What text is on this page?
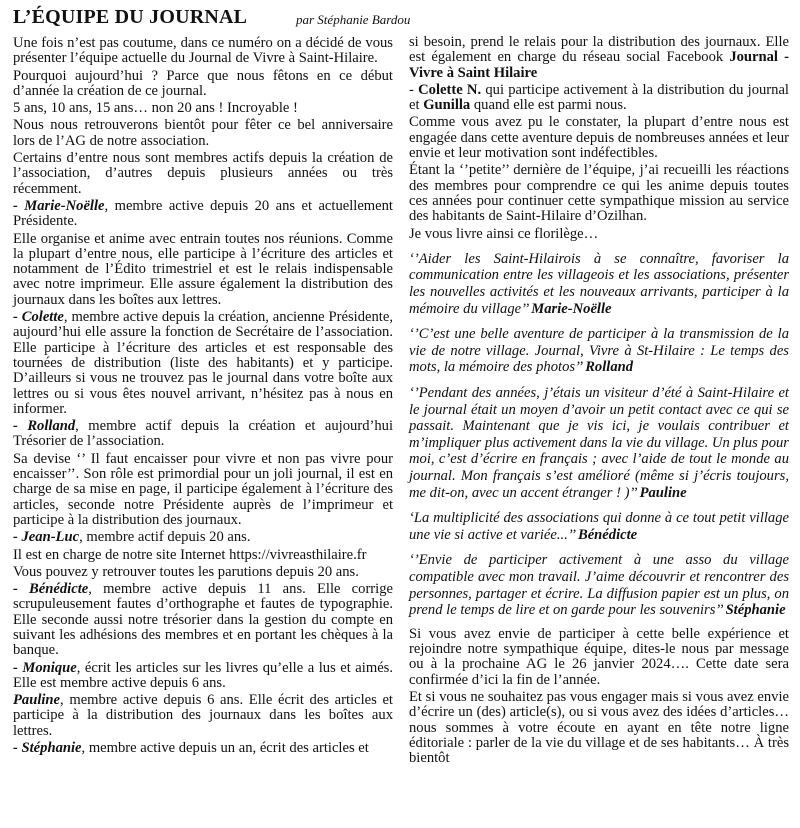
L’ÉQUIPE DU JOURNAL	par Stéphanie Bardou

Une fois n’est pas coutume, dans ce numéro on a décidé de vous présenter l’équipe actuelle du Journal de Vivre à Saint-Hilaire.

Pourquoi aujourd’hui ? Parce que nous fêtons en ce début d’année la création de ce journal.

5 ans, 10 ans, 15 ans… non 20 ans ! Incroyable !

Nous nous retrouverons bientôt pour fêter ce bel anniversaire lors de l’AG de notre association.

Certains d’entre nous sont membres actifs depuis la création de l’association, d’autres depuis plusieurs années ou très récemment.

- Marie-Noëlle, membre active depuis 20 ans et actuellement Présidente.

Elle organise et anime avec entrain toutes nos réunions. Comme la plupart d’entre nous, elle participe à l’écriture des articles et notamment de l’Édito trimestriel et est le relais indispensable avec notre imprimeur. Elle assure également la distribution des journaux dans les boîtes aux lettres.

- Colette, membre active depuis la création, ancienne Présidente, aujourd’hui elle assure la fonction de Secrétaire de l’association. Elle participe à l’écriture des articles et est responsable des tournées de distribution (liste des habitants) et y participe. D’ailleurs si vous ne trouvez pas le journal dans votre boîte aux lettres ou si vous êtes nouvel arrivant, n’hésitez pas à nous en informer.

- Rolland, membre actif depuis la création et aujourd’hui Trésorier de l’association.

Sa devise ‘’ Il faut encaisser pour vivre et non pas vivre pour encaisser’’. Son rôle est primordial pour un joli journal, il est en charge de sa mise en page, il participe également à l’écriture des articles, seconde notre Présidente auprès de l’imprimeur et participe à la distribution des journaux.

- Jean-Luc, membre actif depuis 20 ans.

Il est en charge de notre site Internet https://vivreasthilaire.fr

Vous pouvez y retrouver toutes les parutions depuis 20 ans.

- Bénédicte, membre active depuis 11 ans. Elle corrige scrupuleusement fautes d’orthographe et fautes de typographie. Elle seconde aussi notre trésorier dans la gestion du compte en suivant les adhésions des membres et en portant les chèques à la banque.

- Monique, écrit les articles sur les livres qu’elle a lus et aimés. Elle est membre active depuis 6 ans.

Pauline, membre active depuis 6 ans. Elle écrit des articles et participe à la distribution des journaux dans les boîtes aux lettres.

- Stéphanie, membre active depuis un an, écrit des articles et

si besoin, prend le relais pour la distribution des journaux. Elle est également en charge du réseau social Facebook Journal - Vivre à Saint Hilaire

- Colette N. qui participe activement à la distribution du journal et Gunilla quand elle est parmi nous.

Comme vous avez pu le constater, la plupart d’entre nous est engagée dans cette aventure depuis de nombreuses années et leur envie et leur motivation sont indéfectibles.

Étant la ‘’petite’’ dernière de l’équipe, j’ai recueilli les réactions des membres pour comprendre ce qui les anime depuis toutes ces années pour continuer cette sympathique mission au service des habitants de Saint-Hilaire d’Ozilhan.

Je vous livre ainsi ce florilège…

‘’Aider les Saint-Hilairois à se connaître, favoriser la communication entre les villageois et les associations, présenter les nouvelles activités et les nouveaux arrivants, participer à la mémoire du village’’ Marie-Noëlle

‘’C’est une belle aventure de participer à la transmission de la vie de notre village. Journal, Vivre à St-Hilaire : Le temps des mots, la mémoire des photos’’ Rolland

‘’Pendant des années, j’étais un visiteur d’été à Saint-Hilaire et le journal était un moyen d’avoir un petit contact avec ce qui se passait. Maintenant que je vis ici, je voulais contribuer et m’impliquer plus activement dans la vie du village. Un plus pour moi, c’est d’écrire en français ; avec l’aide de tout le monde au journal. Mon français s’est amélioré (même si j’écris toujours, me dit-on, avec un accent étranger ! )’’ Pauline

‘La multiplicité des associations qui donne à ce tout petit village une vie si active et variée...’’ Bénédicte

‘’Envie de participer activement à une asso du village compatible avec mon travail. J’aime découvrir et rencontrer des personnes, partager et écrire. La diffusion papier est un plus, on prend le temps de lire et on garde pour les souvenirs’’ Stéphanie

Si vous avez envie de participer à cette belle expérience et rejoindre notre sympathique équipe, dites-le nous par message ou à la prochaine AG le 26 janvier 2024…. Cette date sera confirmée d’ici la fin de l’année.

Et si vous ne souhaitez pas vous engager mais si vous avez envie d’écrire un (des) article(s), ou si vous avez des idées d’articles… nous sommes à votre écoute en ayant en tête notre ligne éditoriale : parler de la vie du village et de ses habitants… À très bientôt
